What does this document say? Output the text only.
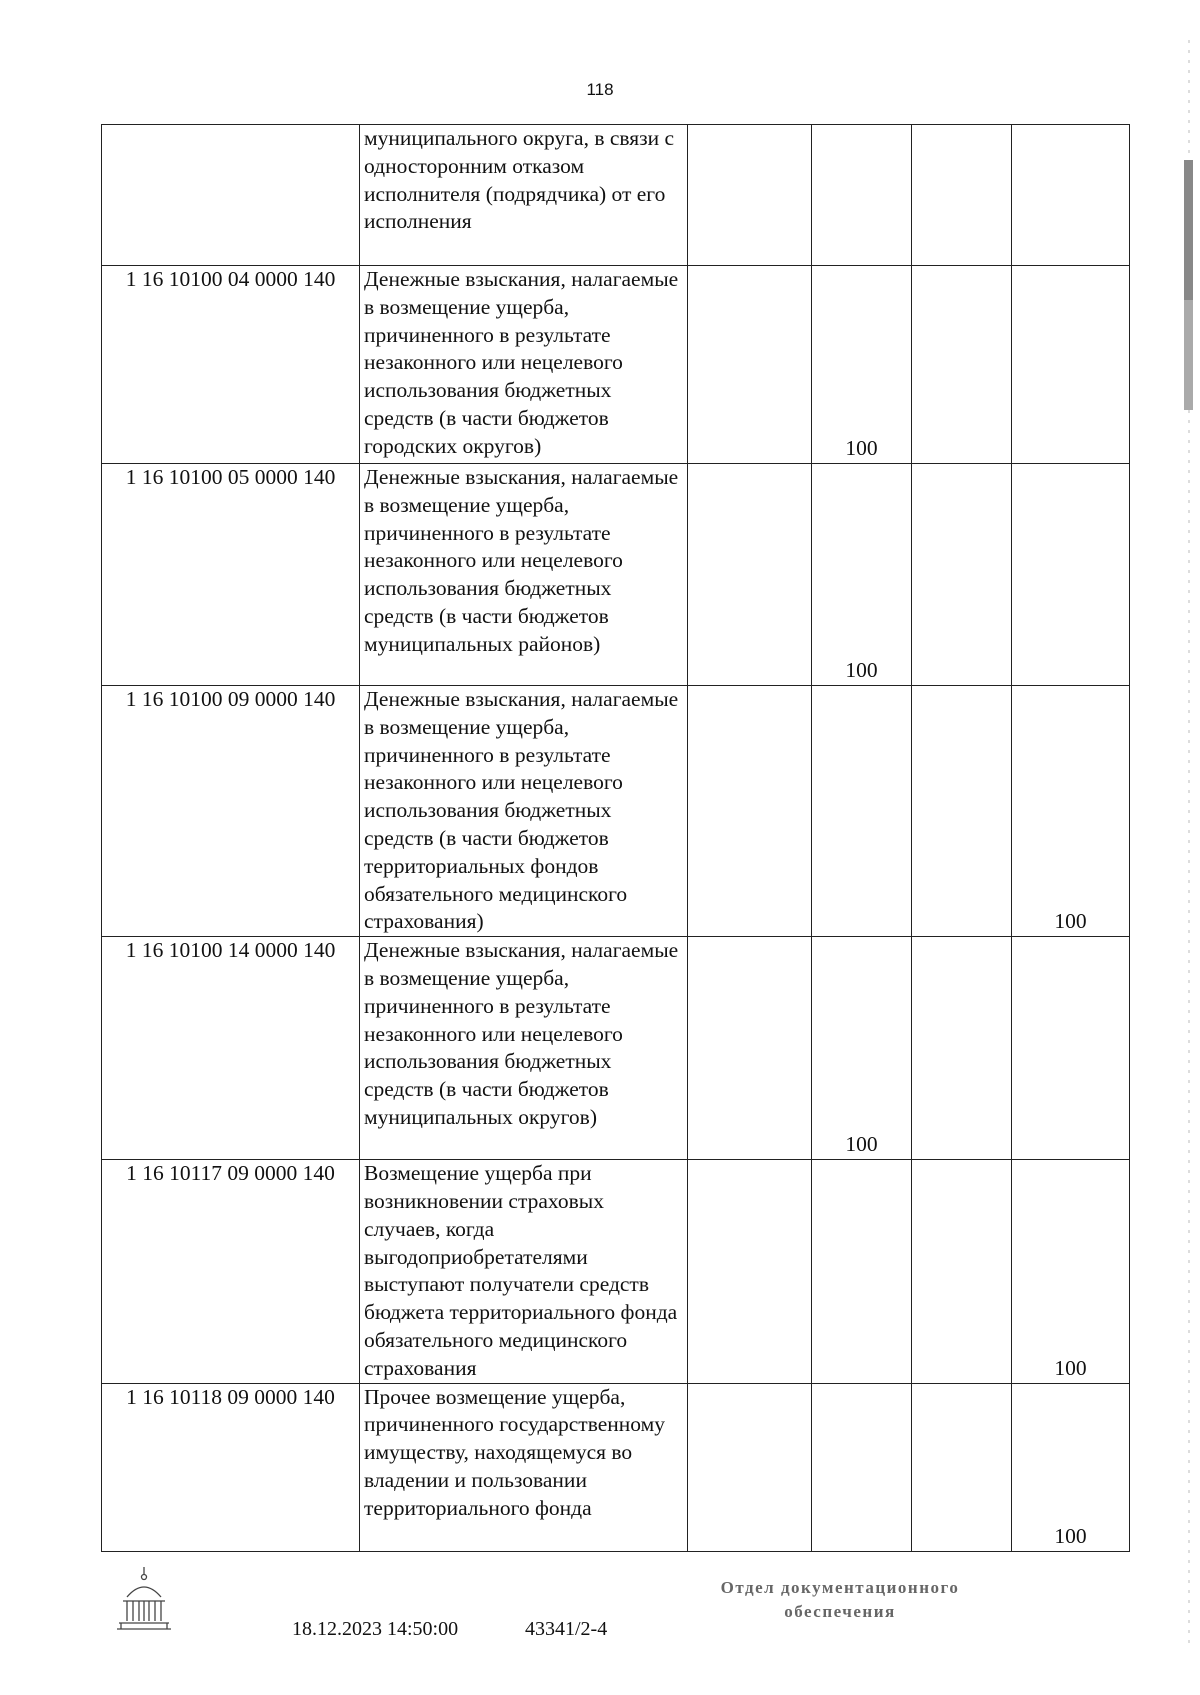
118
	муниципального округа, в связи с односторонним отказом исполнителя (подрядчика) от его исполнения				
1 16 10100 04 0000 140	Денежные взыскания, налагаемые в возмещение ущерба, причиненного в результате незаконного или нецелевого использования бюджетных средств (в части бюджетов городских округов)		100		
1 16 10100 05 0000 140	Денежные взыскания, налагаемые в возмещение ущерба, причиненного в результате незаконного или нецелевого использования бюджетных средств (в части бюджетов муниципальных районов)		100		
1 16 10100 09 0000 140	Денежные взыскания, налагаемые в возмещение ущерба, причиненного в результате незаконного или нецелевого использования бюджетных средств (в части бюджетов территориальных фондов обязательного медицинского страхования)				100
1 16 10100 14 0000 140	Денежные взыскания, налагаемые в возмещение ущерба, причиненного в результате незаконного или нецелевого использования бюджетных средств (в части бюджетов муниципальных округов)		100		
1 16 10117 09 0000 140	Возмещение ущерба при возникновении страховых случаев, когда выгодоприобретателями выступают получатели средств бюджета территориального фонда обязательного медицинского страхования				100
1 16 10118 09 0000 140	Прочее возмещение ущерба, причиненного государственному имуществу, находящемуся во владении и пользовании территориального фонда				100
18.12.2023 14:50:00	43341/2-4
Отдел документационного
обеспечения
